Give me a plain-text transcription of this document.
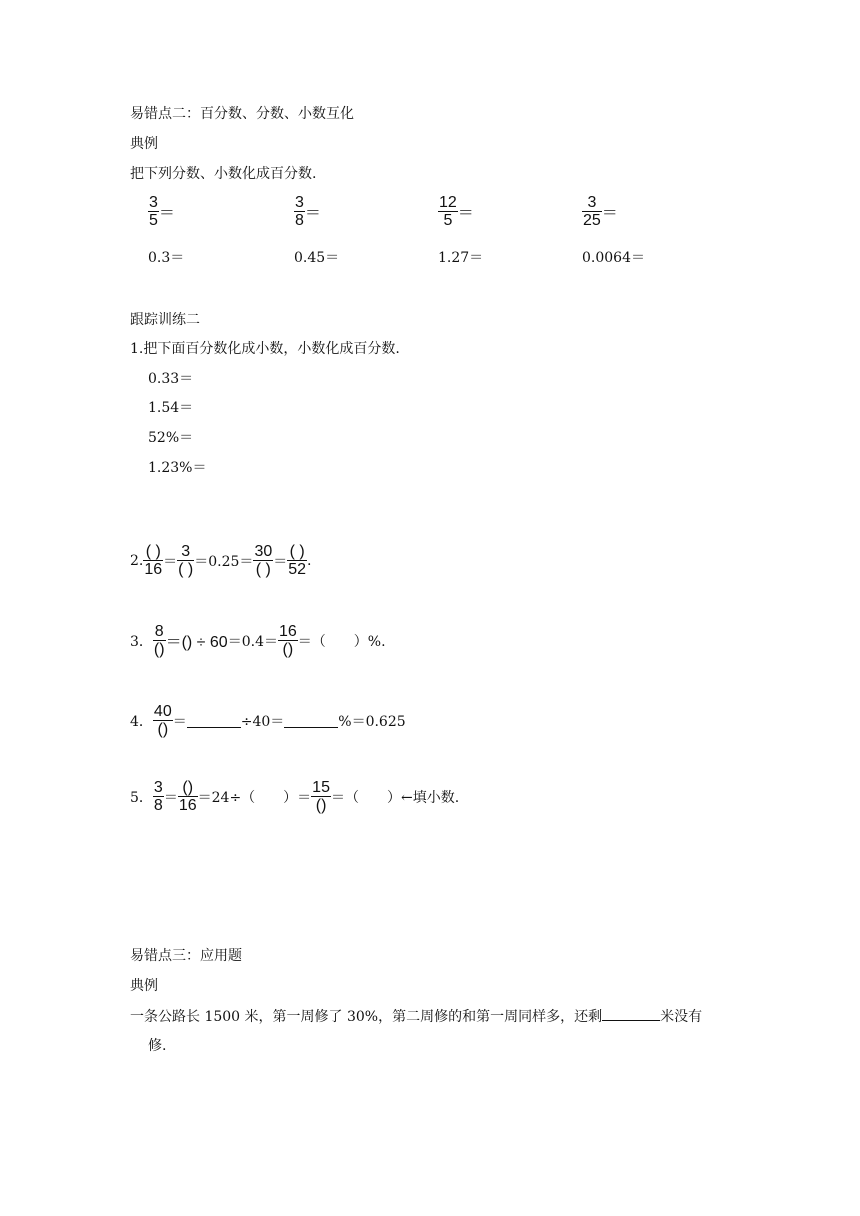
易错点二：百分数、分数、小数互化
典例
把下列分数、小数化成百分数.
$\frac{3}{5}$ ＝	$\frac{3}{8}$ ＝	$\frac{12}{5}$ ＝	$\frac{3}{25}$ ＝
0.3＝	0.45＝	1.27＝	0.0064＝
跟踪训练二
1.把下面百分数化成小数，小数化成百分数.
0.33＝
1.54＝
52%＝
1.23%＝
2. $\frac{( )}{16} = \frac{3}{( )} =0.25= \frac{30}{( )} = \frac{( )}{52}$ .
3． $\frac{8}{()}$ ＝() ÷ $60 =0.4= \frac{16}{()}$ ＝（　　）%.
4． $\frac{40}{()}$ ＝	÷40＝	%＝0.625
5． $\frac{3}{8} = \frac{()}{16} =24\div$（　　）＝ $\frac{15}{()}$ ＝（　　）←填小数.
易错点三：应用题
典例
一条公路长 1500 米，第一周修了 30%，第二周修的和第一周同样多，还剩	米没有
修.
